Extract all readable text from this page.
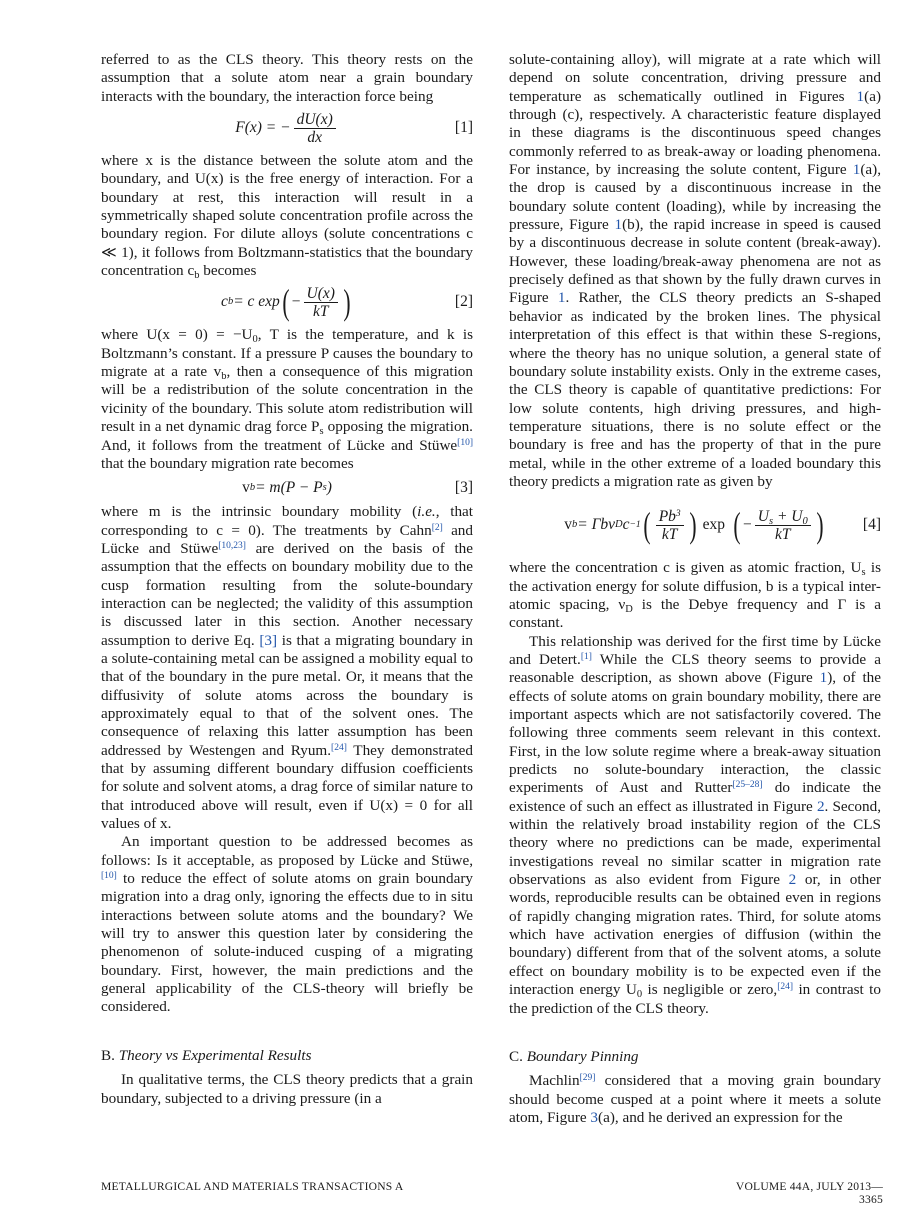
referred to as the CLS theory. This theory rests on the assumption that a solute atom near a grain boundary interacts with the boundary, the interaction force being

F(x) = − $\frac{dU(x)}{dx}$	[1]

where x is the distance between the solute atom and the boundary, and U(x) is the free energy of interaction. For a boundary at rest, this interaction will result in a symmetrically shaped solute concentration profile across the boundary region. For dilute alloys (solute concentrations c ≪ 1), it follows from Boltzmann-statistics that the boundary concentration $c_b$ becomes

c b = c exp ( − $\frac{U(x)}{kT}$ )	[2]

where $U(x = 0) = -U_0$, T is the temperature, and k is Boltzmann’s constant. If a pressure P causes the boundary to migrate at a rate $v_b$, then a consequence of this migration will be a redistribution of the solute concentration in the vicinity of the boundary. This solute atom redistribution will result in a net dynamic drag force $P_s$ opposing the migration. And, it follows from the treatment of Lücke and Stüwe[10] that the boundary migration rate becomes

v b = m(P − P s )	[3]

where m is the intrinsic boundary mobility (i.e., that corresponding to c = 0). The treatments by Cahn[2] and Lücke and Stüwe[10,23] are derived on the basis of the assumption that the effects on boundary mobility due to the cusp formation resulting from the solute-boundary interaction can be neglected; the validity of this assumption is discussed later in this section. Another necessary assumption to derive Eq. [3] is that a migrating boundary in a solute-containing metal can be assigned a mobility equal to that of the boundary in the pure metal. Or, it means that the diffusivity of solute atoms across the boundary is approximately equal to that of the solvent ones. The consequence of relaxing this latter assumption has been addressed by Westengen and Ryum.[24] They demonstrated that by assuming different boundary diffusion coefficients for solute and solvent atoms, a drag force of similar nature to that introduced above will result, even if U(x) = 0 for all values of x.

An important question to be addressed becomes as follows: Is it acceptable, as proposed by Lücke and Stüwe,[10] to reduce the effect of solute atoms on grain boundary migration into a drag only, ignoring the effects due to in situ interactions between solute atoms and the boundary? We will try to answer this question later by considering the phenomenon of solute-induced cusping of a migrating boundary. First, however, the main predictions and the general applicability of the CLS-theory will briefly be considered.

B. Theory vs Experimental Results

In qualitative terms, the CLS theory predicts that a grain boundary, subjected to a driving pressure (in a

solute-containing alloy), will migrate at a rate which will depend on solute concentration, driving pressure and temperature as schematically outlined in Figures 1(a) through (c), respectively. A characteristic feature displayed in these diagrams is the discontinuous speed changes commonly referred to as break-away or loading phenomena. For instance, by increasing the solute content, Figure 1(a), the drop is caused by a discontinuous increase in the boundary solute content (loading), while by increasing the pressure, Figure 1(b), the rapid increase in speed is caused by a discontinuous decrease in solute content (break-away). However, these loading/break-away phenomena are not as precisely defined as that shown by the fully drawn curves in Figure 1. Rather, the CLS theory predicts an S-shaped behavior as indicated by the broken lines. The physical interpretation of this effect is that within these S-regions, where the theory has no unique solution, a general state of boundary solute instability exists. Only in the extreme cases, the CLS theory is capable of quantitative predictions: For low solute contents, high driving pressures, and high-temperature situations, there is no solute effect or the boundary is free and has the property of that in the pure metal, while in the other extreme of a loaded boundary this theory predicts a migration rate as given by

v b = Γbν D c −1 ( $\frac{Pb^3}{kT}$ ) exp ( − $\frac{U_s + U_0}{kT}$ )	[4]

where the concentration c is given as atomic fraction, $U_s$ is the activation energy for solute diffusion, b is a typical inter-atomic spacing, $\nu_D$ is the Debye frequency and Γ is a constant.

This relationship was derived for the first time by Lücke and Detert.[1] While the CLS theory seems to provide a reasonable description, as shown above (Figure 1), of the effects of solute atoms on grain boundary mobility, there are important aspects which are not satisfactorily covered. The following three comments seem relevant in this context. First, in the low solute regime where a break-away situation predicts no solute-boundary interaction, the classic experiments of Aust and Rutter[25–28] do indicate the existence of such an effect as illustrated in Figure 2. Second, within the relatively broad instability region of the CLS theory where no predictions can be made, experimental investigations reveal no similar scatter in migration rate observations as also evident from Figure 2 or, in other words, reproducible results can be obtained even in regions of rapidly changing migration rates. Third, for solute atoms which have activation energies of diffusion (within the boundary) different from that of the solvent atoms, a solute effect on boundary mobility is to be expected even if the interaction energy $U_0$ is negligible or zero,[24] in contrast to the prediction of the CLS theory.

C. Boundary Pinning

Machlin[29] considered that a moving grain boundary should become cusped at a point where it meets a solute atom, Figure 3(a), and he derived an expression for the

METALLURGICAL AND MATERIALS TRANSACTIONS A	VOLUME 44A, JULY 2013—3365
